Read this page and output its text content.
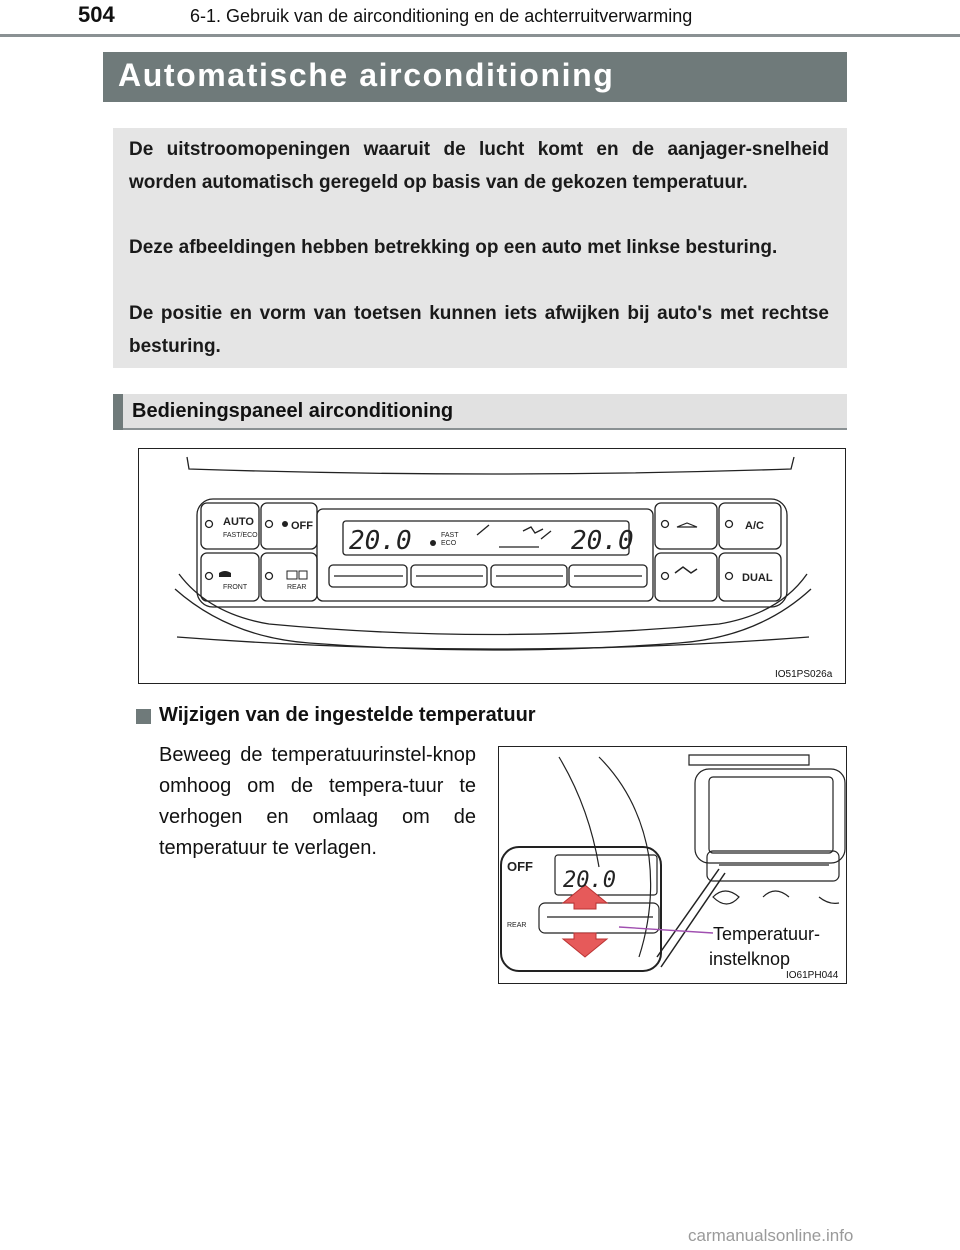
504	6-1. Gebruik van de airconditioning en de achterruitverwarming
Automatische airconditioning

De uitstroomopeningen waaruit de lucht komt en de aanjager-snelheid worden automatisch geregeld op basis van de gekozen temperatuur.

Deze afbeeldingen hebben betrekking op een auto met linkse besturing.

De positie en vorm van toetsen kunnen iets afwijken bij auto's met rechtse besturing.

Bedieningspaneel airconditioning
AUTO
FAST/ECO
OFF
FRONT	REAR
A/C
DUAL
20.0	20.0
FAST
ECO
IO51PS026a
Wijzigen van de ingestelde temperatuur

Beweeg de temperatuurinstel-knop omhoog om de tempera-tuur te verhogen en omlaag om de temperatuur te verlagen.

OFF
REAR
20.0
Temperatuur-
instelknop
IO61PH044
carmanualsonline.info
